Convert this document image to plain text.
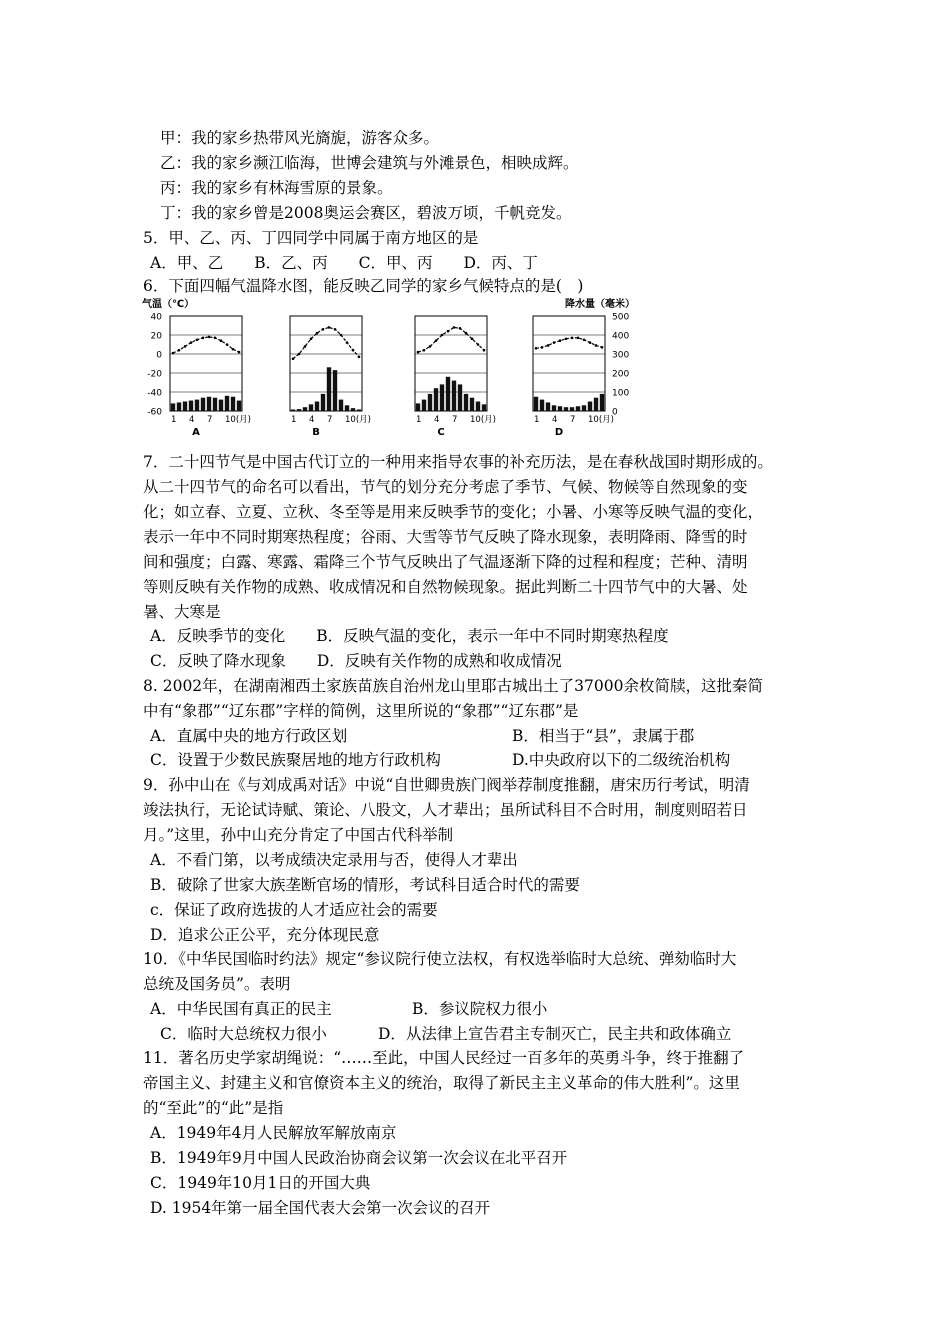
甲：我的家乡热带风光旖旎，游客众多。
乙：我的家乡濒江临海，世博会建筑与外滩景色，相映成辉。
丙：我的家乡有林海雪原的景象。
丁：我的家乡曾是2008奥运会赛区，碧波万顷，千帆竞发。
5．甲、乙、丙、丁四同学中同属于南方地区的是
A．甲、乙　　B．乙、丙　　C．甲、丙　　D．丙、丁
6．下面四幅气温降水图，能反映乙同学的家乡气候特点的是(　)
气温（℃）	降水量（毫米）
40
20
0
-20
-40
-60
500
400
300
200
100
0
1 4 7 10(月)
A
1 4 7 10(月)
B
1 4 7 10(月)
C
1 4 7 10(月)
D
7．二十四节气是中国古代订立的一种用来指导农事的补充历法，是在春秋战国时期形成的。
从二十四节气的命名可以看出，节气的划分充分考虑了季节、气候、物候等自然现象的变
化；如立春、立夏、立秋、冬至等是用来反映季节的变化；小暑、小寒等反映气温的变化，
表示一年中不同时期寒热程度；谷雨、大雪等节气反映了降水现象，表明降雨、降雪的时
间和强度；白露、寒露、霜降三个节气反映出了气温逐渐下降的过程和程度；芒种、清明
等则反映有关作物的成熟、收成情况和自然物候现象。据此判断二十四节气中的大暑、处
暑、大寒是
A．反映季节的变化　　B．反映气温的变化，表示一年中不同时期寒热程度
C．反映了降水现象　　D．反映有关作物的成熟和收成情况
8. 2002年，在湖南湘西土家族苗族自治州龙山里耶古城出土了37000余枚简牍，这批秦简
中有“象郡”“辽东郡”字样的简例，这里所说的“象郡”“辽东郡”是
A．直属中央的地方行政区划	B．相当于“县”，隶属于郡
C．设置于少数民族聚居地的地方行政机构	D.中央政府以下的二级统治机构
9．孙中山在《与刘成禹对话》中说“自世卿贵族门阀举荐制度推翻，唐宋历行考试，明清
竣法执行，无论试诗赋、策论、八股文，人才辈出；虽所试科目不合时用，制度则昭若日
月。”这里，孙中山充分肯定了中国古代科举制
A．不看门第，以考成绩决定录用与否，使得人才辈出
B．破除了世家大族垄断官场的情形，考试科目适合时代的需要
c．保证了政府选拔的人才适应社会的需要
D．追求公正公平，充分体现民意
10．《中华民国临时约法》规定“参议院行使立法权，有权选举临时大总统、弹劾临时大
总统及国务员”。表明
A．中华民国有真正的民主	B．参议院权力很小
C．临时大总统权力很小	D．从法律上宣告君主专制灭亡，民主共和政体确立
11．著名历史学家胡绳说：“……至此，中国人民经过一百多年的英勇斗争，终于推翻了
帝国主义、封建主义和官僚资本主义的统治，取得了新民主主义革命的伟大胜利”。这里
的“至此”的“此”是指
A．1949年4月人民解放军解放南京
B．1949年9月中国人民政治协商会议第一次会议在北平召开
C．1949年10月1日的开国大典
D. 1954年第一届全国代表大会第一次会议的召开
